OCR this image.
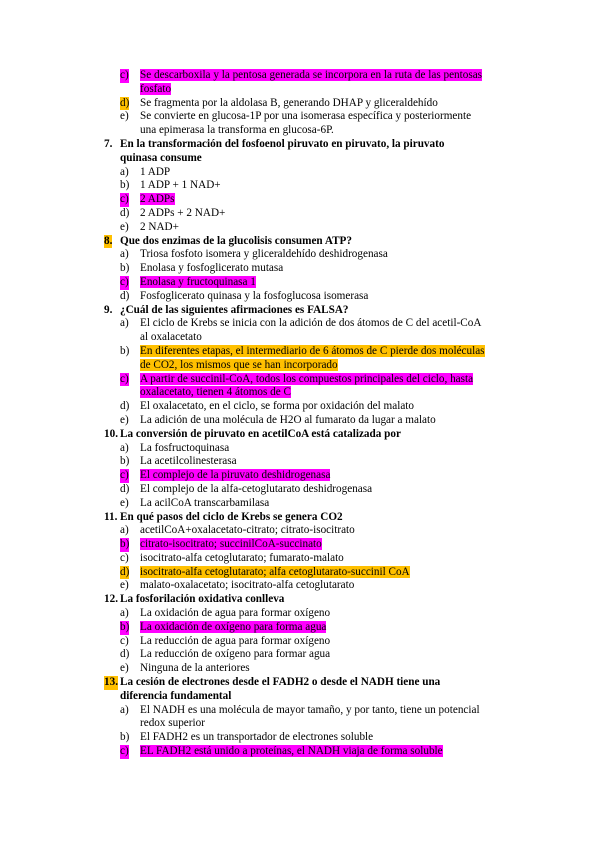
c) Se descarboxila y la pentosa generada se incorpora en la ruta de las pentosas
fosfato
d) Se fragmenta por la aldolasa B, generando DHAP y gliceraldehído
e) Se convierte en glucosa-1P por una isomerasa específica y posteriormente
una epimerasa la transforma en glucosa-6P.
7. En la transformación del fosfoenol piruvato en piruvato, la piruvato
quinasa consume
a) 1 ADP
b) 1 ADP + 1 NAD+
c) 2 ADPs
d) 2 ADPs + 2 NAD+
e) 2 NAD+
8. Que dos enzimas de la glucolisis consumen ATP?
a) Triosa fosfoto isomera y gliceraldehído deshidrogenasa
b) Enolasa y fosfoglicerato mutasa
c) Enolasa y fructoquinasa 1
d) Fosfoglicerato quinasa y la fosfoglucosa isomerasa
9. ¿Cuál de las siguientes afirmaciones es FALSA?
a) El ciclo de Krebs se inicia con la adición de dos átomos de C del acetil-CoA
al oxalacetato
b) En diferentes etapas, el intermediario de 6 átomos de C pierde dos moléculas
de CO2, los mismos que se han incorporado
c) A partir de succinil-CoA, todos los compuestos principales del ciclo, hasta
oxalacetato, tienen 4 átomos de C
d) El oxalacetato, en el ciclo, se forma por oxidación del malato
e) La adición de una molécula de H2O al fumarato da lugar a malato
10. La conversión de piruvato en acetilCoA está catalizada por
a) La fosfructoquinasa
b) La acetilcolinesterasa
c) El complejo de la piruvato deshidrogenasa
d) El complejo de la alfa-cetoglutarato deshidrogenasa
e) La acilCoA transcarbamilasa
11. En qué pasos del ciclo de Krebs se genera CO2
a) acetilCoA+oxalacetato-citrato; citrato-isocitrato
b) citrato-isocitrato; succinilCoA-succinato
c) isocitrato-alfa cetoglutarato; fumarato-malato
d) isocitrato-alfa cetoglutarato; alfa cetoglutarato-succinil CoA
e) malato-oxalacetato; isocitrato-alfa cetoglutarato
12. La fosforilación oxidativa conlleva
a) La oxidación de agua para formar oxígeno
b) La oxidación de oxígeno para forma agua
c) La reducción de agua para formar oxígeno
d) La reducción de oxígeno para formar agua
e) Ninguna de la anteriores
13. La cesión de electrones desde el FADH2 o desde el NADH tiene una
diferencia fundamental
a) El NADH es una molécula de mayor tamaño, y por tanto, tiene un potencial
redox superior
b) El FADH2 es un transportador de electrones soluble
c) EL FADH2 está unido a proteínas, el NADH viaja de forma soluble
